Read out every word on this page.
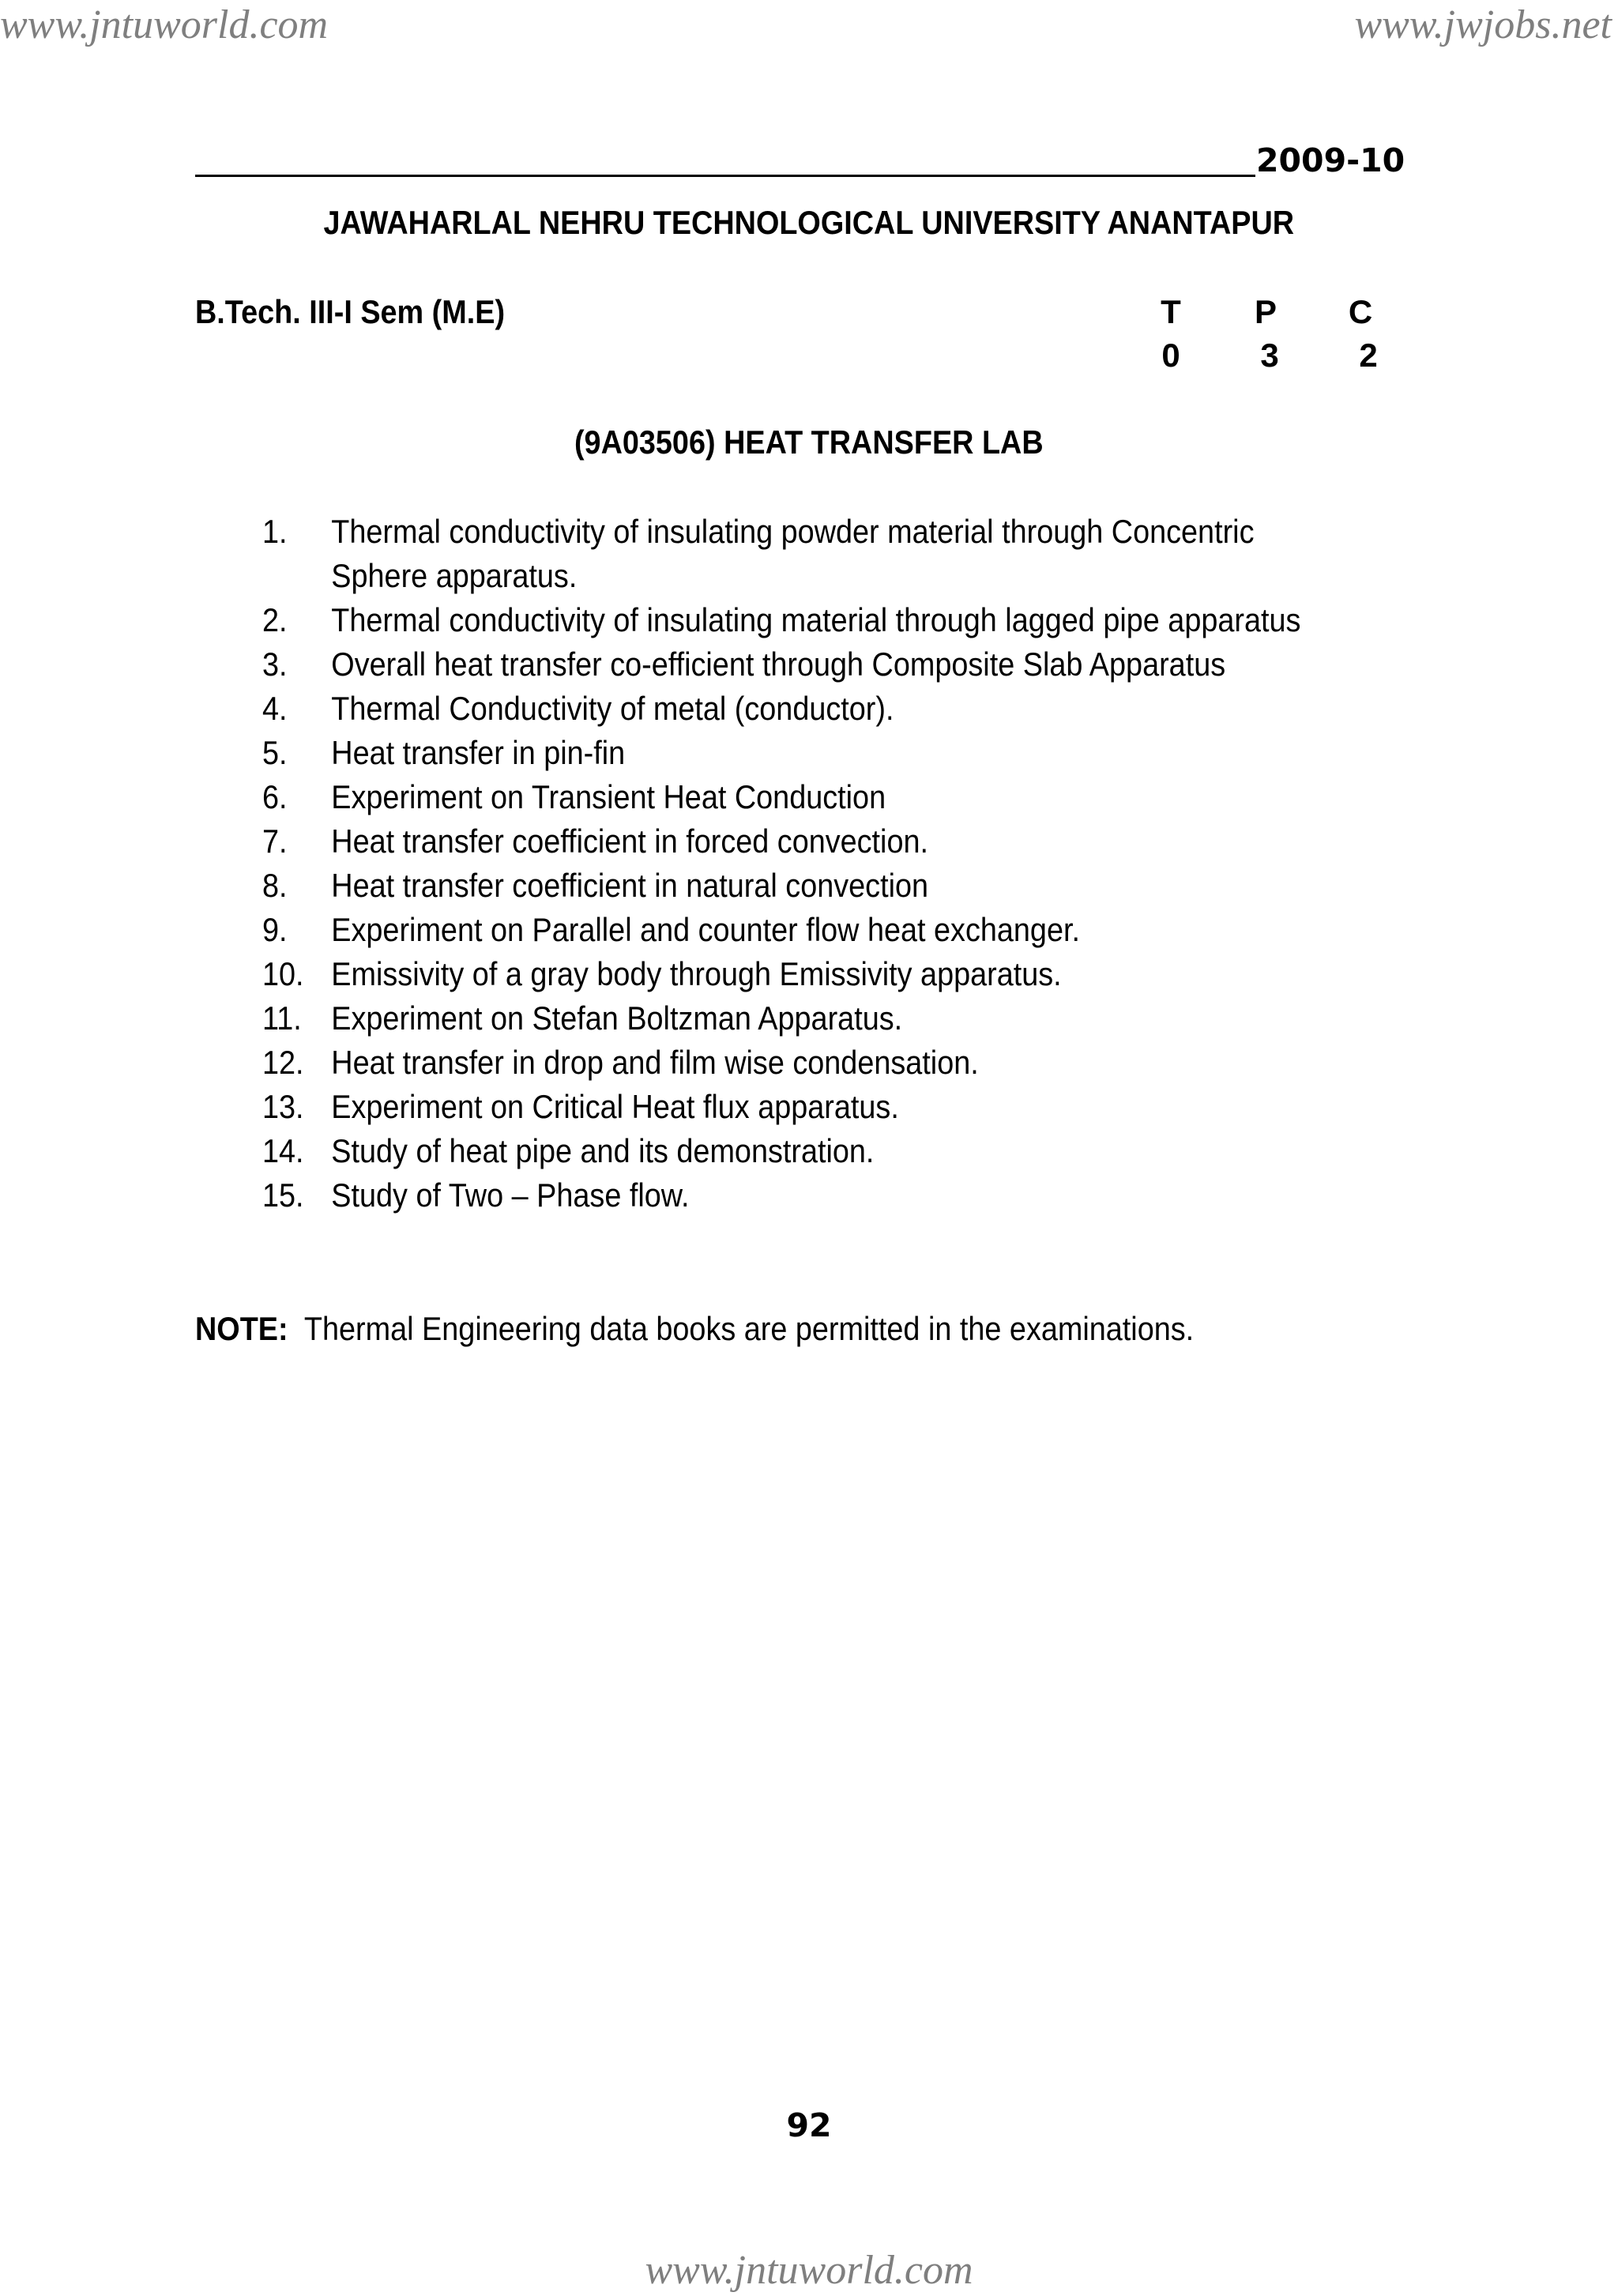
www.jntuworld.com	www.jwjobs.net
2009-10
JAWAHARLAL NEHRU TECHNOLOGICAL UNIVERSITY ANANTAPUR
B.Tech. III-I Sem (M.E)	T P C
0 3 2
(9A03506) HEAT TRANSFER LAB
1.	Thermal conductivity of insulating powder material through Concentric Sphere apparatus.
2.	Thermal conductivity of insulating material through lagged pipe apparatus
3.	Overall heat transfer co-efficient through Composite Slab Apparatus
4.	Thermal Conductivity of metal (conductor).
5.	Heat transfer in pin-fin
6.	Experiment on Transient Heat Conduction
7.	Heat transfer coefficient in forced convection.
8.	Heat transfer coefficient in natural convection
9.	Experiment on Parallel and counter flow heat exchanger.
10. Emissivity of a gray body through Emissivity apparatus.
11. Experiment on Stefan Boltzman Apparatus.
12. Heat transfer in drop and film wise condensation.
13. Experiment on Critical Heat flux apparatus.
14. Study of heat pipe and its demonstration.
15. Study of Two – Phase flow.
NOTE: Thermal Engineering data books are permitted in the examinations.
92
www.jntuworld.com
